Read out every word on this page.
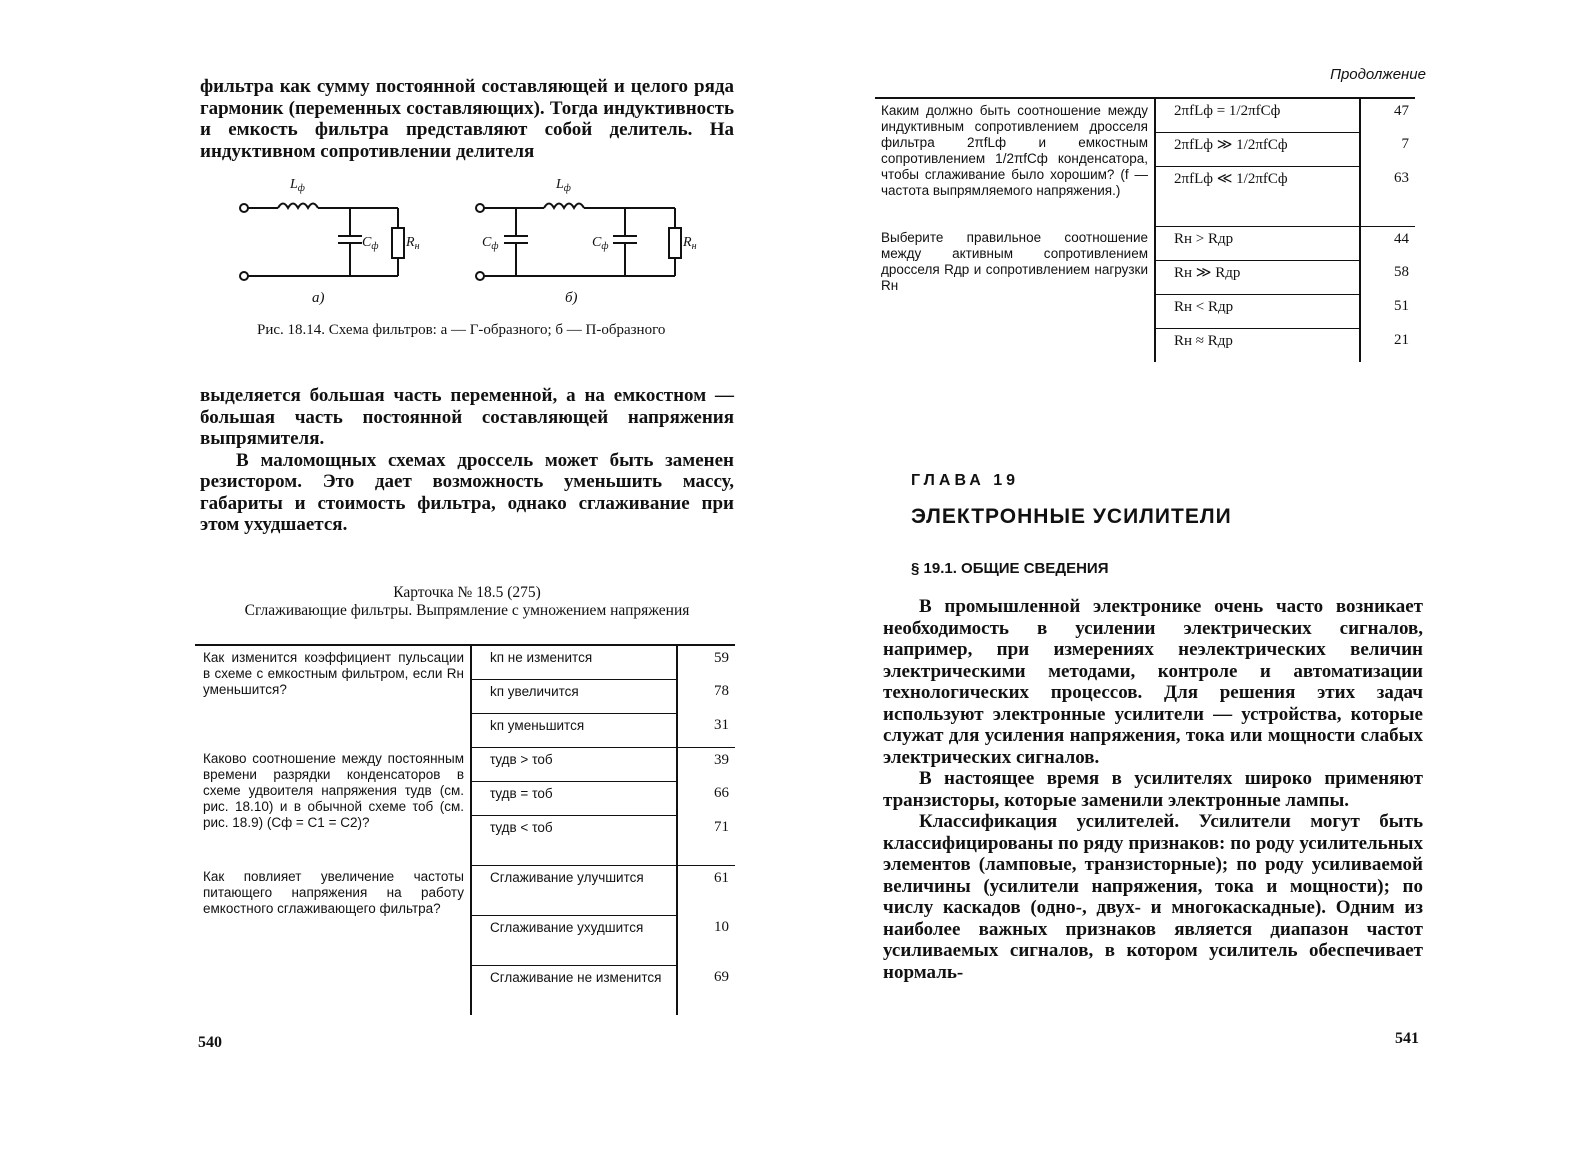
фильтра как сумму постоянной составляющей и целого ряда гармоник (переменных составляющих). Тогда индуктивность и емкость фильтра представляют собой делитель. На индуктивном сопротивлении делителя

$L_ф$
$C_ф$ $R_н$
$L_ф$
$C_ф$	$C_ф$	$R_н$
а)	б)

Рис. 18.14. Схема фильтров: а — Г-образного; б — П-образного

выделяется большая часть переменной, а на емкостном — большая часть постоянной составляющей напряжения выпрямителя.

В маломощных схемах дроссель может быть заменен резистором. Это дает возможность уменьшить массу, габариты и стоимость фильтра, однако сглаживание при этом ухудшается.

Карточка № 18.5 (275)
Сглаживающие фильтры. Выпрямление с умножением напряжения
Как изменится коэффициент пульсации в схеме с емкостным фильтром, если Rн уменьшится?	kп не изменится	59
	kп увеличится	78
	kп уменьшится	31
Каково соотношение между постоянным времени разрядки конденсаторов в схеме удвоителя напряжения τудв (см. рис. 18.10) и в обычной схеме τоб (см. рис. 18.9) (Cф = C1 = C2)?	τудв > τоб	39
	τудв = τоб	66
	τудв < τоб	71
Как повлияет увеличение частоты питающего напряжения на работу емкостного сглаживающего фильтра?	Сглаживание улучшится	61
	Сглаживание ухудшится	10
	Сглаживание не изменится	69
540
Продолжение
Каким должно быть соотношение между индуктивным сопротивлением дросселя фильтра 2πfLф и емкостным сопротивлением 1/2πfCф конденсатора, чтобы сглаживание было хорошим? (f — частота выпрямляемого напряжения.)	2πfLф = 1/2πfCф	47
	2πfLф ≫ 1/2πfCф	7
	2πfLф ≪ 1/2πfCф	63
Выберите правильное соотношение между активным сопротивлением дросселя Rдр и сопротивлением нагрузки Rн	Rн > Rдр	44
	Rн ≫ Rдр	58
	Rн < Rдр	51
	Rн ≈ Rдр	21
ГЛАВА 19
ЭЛЕКТРОННЫЕ УСИЛИТЕЛИ
§ 19.1. ОБЩИЕ СВЕДЕНИЯ

В промышленной электронике очень часто возникает необходимость в усилении электрических сигналов, например, при измерениях неэлектрических величин электрическими методами, контроле и автоматизации технологических процессов. Для решения этих задач используют электронные усилители — устройства, которые служат для усиления напряжения, тока или мощности слабых электрических сигналов.

В настоящее время в усилителях широко применяют транзисторы, которые заменили электронные лампы.

Классификация усилителей. Усилители могут быть классифицированы по ряду признаков: по роду усилительных элементов (ламповые, транзисторные); по роду усиливаемой величины (усилители напряжения, тока и мощности); по числу каскадов (одно-, двух- и многокаскадные). Одним из наиболее важных признаков является диапазон частот усиливаемых сигналов, в котором усилитель обеспечивает нормаль-

541
